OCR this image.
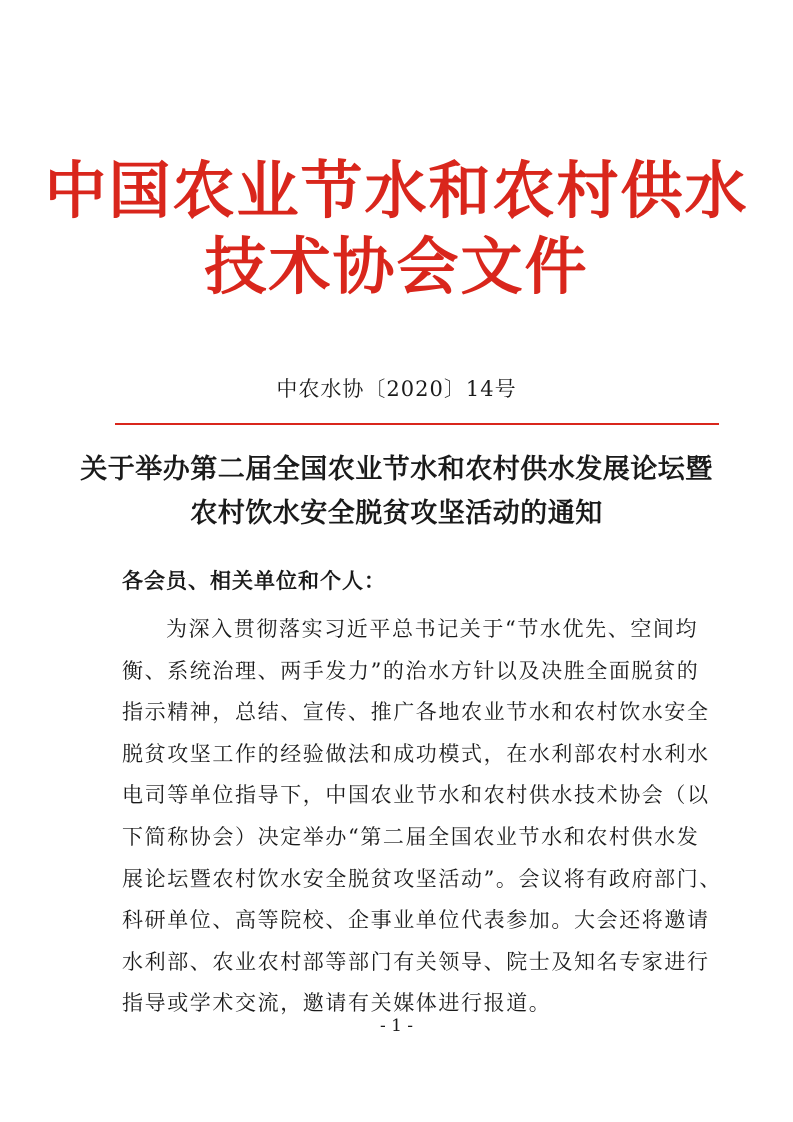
中国农业节水和农村供水
技术协会文件
中农水协〔2020〕14号
关于举办第二届全国农业节水和农村供水发展论坛暨
农村饮水安全脱贫攻坚活动的通知
各会员、相关单位和个人：
为深入贯彻落实习近平总书记关于“节水优先、空间均
衡、系统治理、两手发力”的治水方针以及决胜全面脱贫的
指示精神，总结、宣传、推广各地农业节水和农村饮水安全
脱贫攻坚工作的经验做法和成功模式，在水利部农村水利水
电司等单位指导下，中国农业节水和农村供水技术协会（以
下简称协会）决定举办“第二届全国农业节水和农村供水发
展论坛暨农村饮水安全脱贫攻坚活动”。会议将有政府部门、
科研单位、高等院校、企事业单位代表参加。大会还将邀请
水利部、农业农村部等部门有关领导、院士及知名专家进行
指导或学术交流，邀请有关媒体进行报道。
- 1 -
